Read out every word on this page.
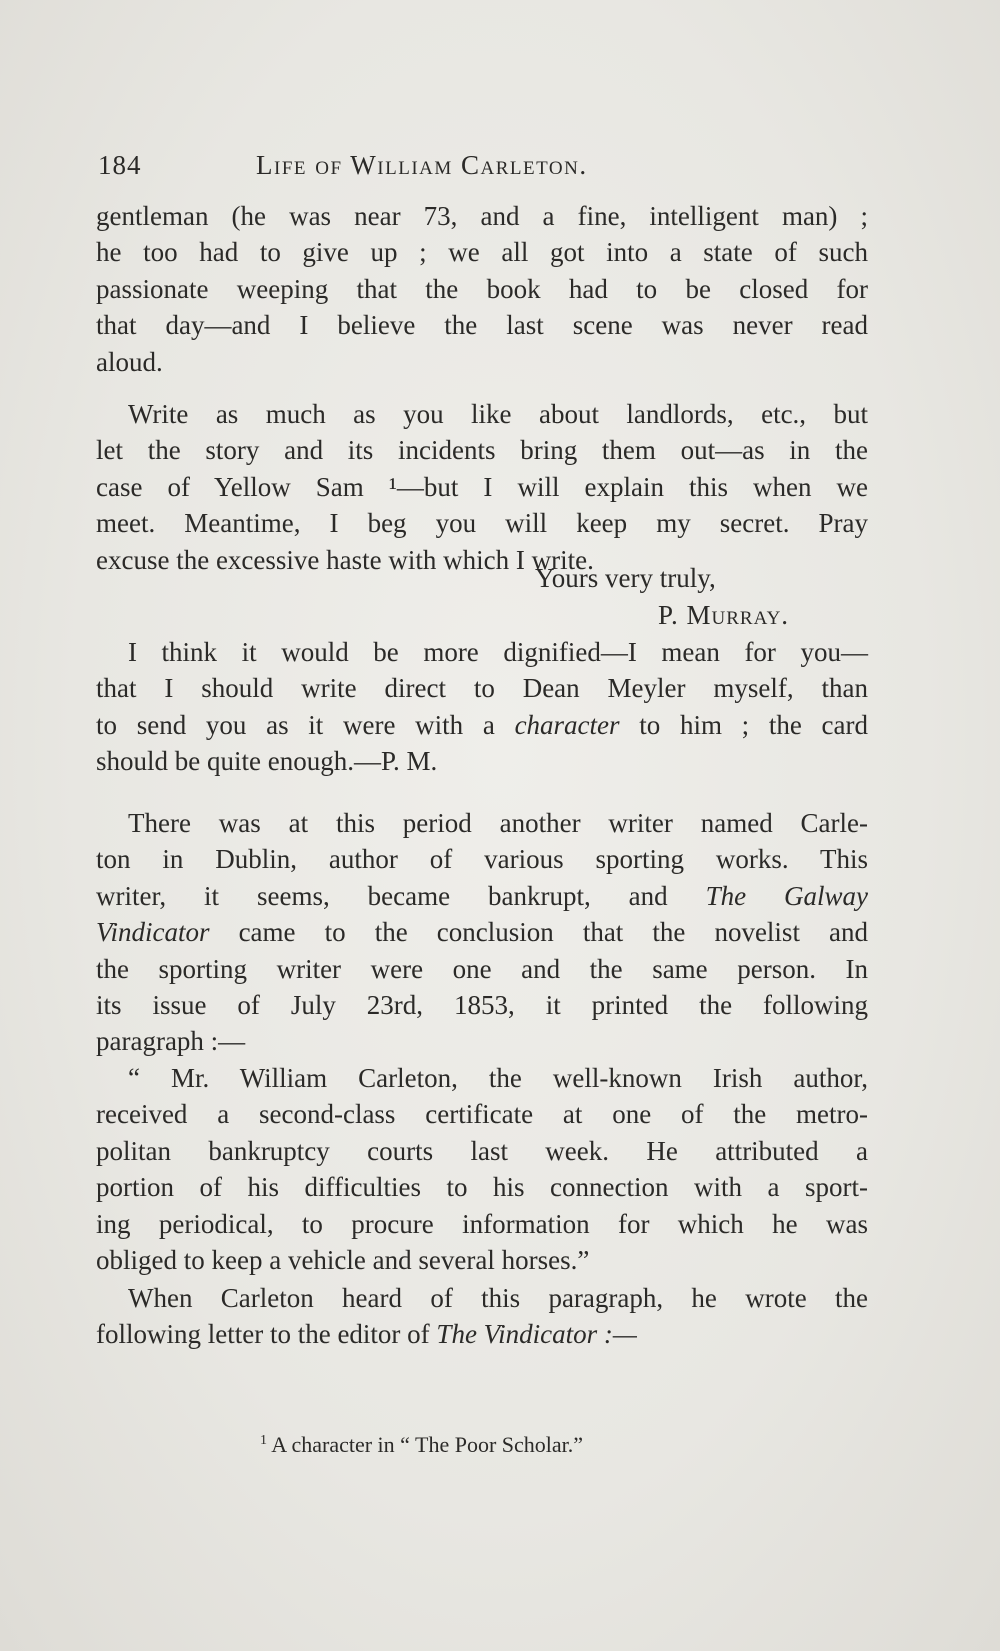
184	Life of William Carleton.
gentleman (he was near 73, and a fine, intelligent man) ;
he too had to give up ; we all got into a state of such
passionate weeping that the book had to be closed for
that day—and I believe the last scene was never read
aloud.
Write as much as you like about landlords, etc., but
let the story and its incidents bring them out—as in the
case of Yellow Sam ¹—but I will explain this when we
meet. Meantime, I beg you will keep my secret. Pray
excuse the excessive haste with which I write.
Yours very truly,
P. Murray.
I think it would be more dignified—I mean for you—
that I should write direct to Dean Meyler myself, than
to send you as it were with a character to him ; the card
should be quite enough.—P. M.
There was at this period another writer named Carle-
ton in Dublin, author of various sporting works. This
writer, it seems, became bankrupt, and The Galway
Vindicator came to the conclusion that the novelist and
the sporting writer were one and the same person. In
its issue of July 23rd, 1853, it printed the following
paragraph :—
“ Mr. William Carleton, the well-known Irish author,
received a second-class certificate at one of the metro-
politan bankruptcy courts last week. He attributed a
portion of his difficulties to his connection with a sport-
ing periodical, to procure information for which he was
obliged to keep a vehicle and several horses.”
When Carleton heard of this paragraph, he wrote the
following letter to the editor of The Vindicator :—
$^1$ A character in “ The Poor Scholar.”
